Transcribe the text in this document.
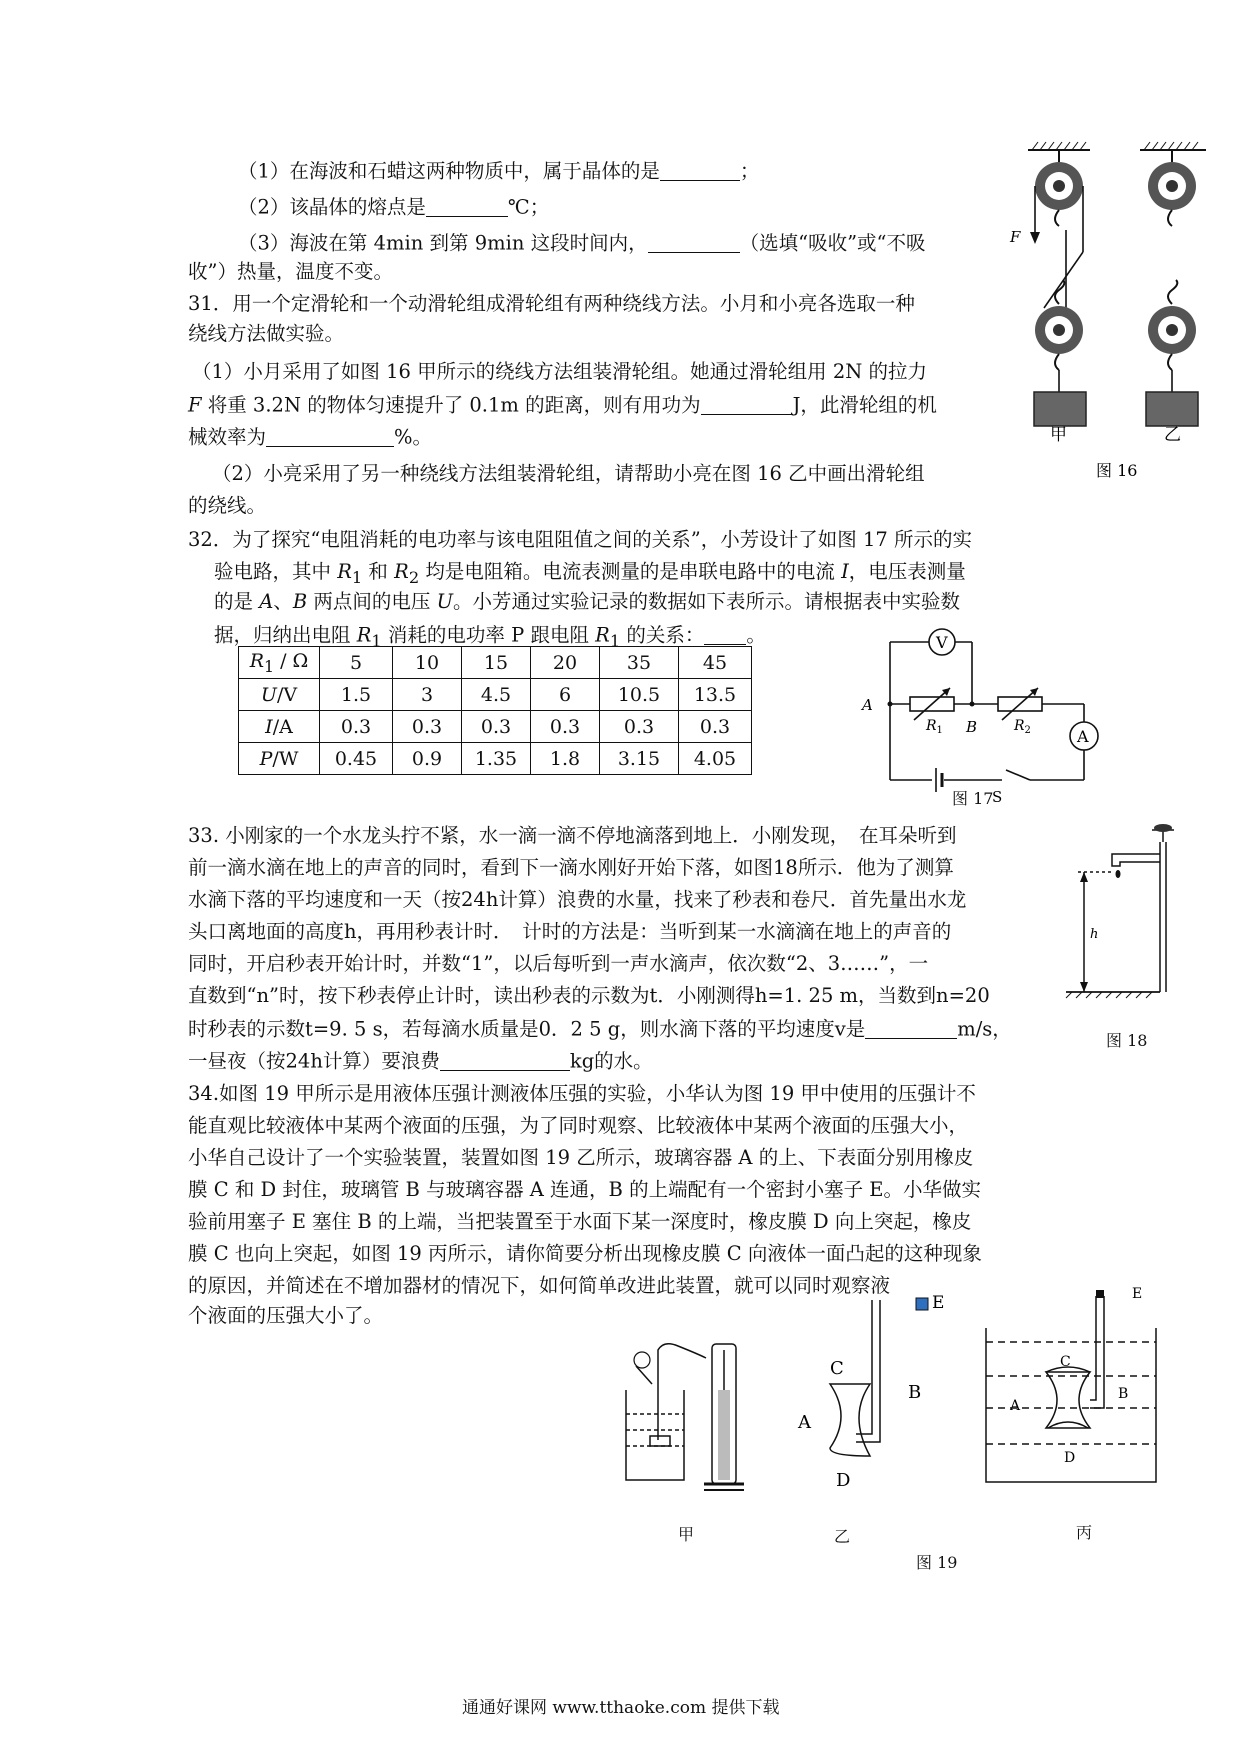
（1）在海波和石蜡这两种物质中，属于晶体的是	；
（2）该晶体的熔点是	℃；
（3）海波在第 4min 到第 9min 这段时间内，	（选填“吸收”或“不吸
收”）热量，温度不变。
31．用一个定滑轮和一个动滑轮组成滑轮组有两种绕线方法。小月和小亮各选取一种
绕线方法做实验。
（1）小月采用了如图 16 甲所示的绕线方法组装滑轮组。她通过滑轮组用 2N 的拉力
F 将重 3.2N 的物体匀速提升了 0.1m 的距离，则有用功为	J，此滑轮组的机
械效率为	%。
（2）小亮采用了另一种绕线方法组装滑轮组，请帮助小亮在图 16 乙中画出滑轮组
的绕线。
F
甲	乙
图 16
32．为了探究“电阻消耗的电功率与该电阻阻值之间的关系”，小芳设计了如图 17 所示的实
验电路，其中 $R_1$ 和 $R_2$ 均是电阻箱。电流表测量的是串联电路中的电流 I，电压表测量
的是 A、B 两点间的电压 U。小芳通过实验记录的数据如下表所示。请根据表中实验数
据，归纳出电阻 $R_1$ 消耗的电功率 P 跟电阻 $R_1$ 的关系： 。
$R_1$ / Ω	5	10	15	20	35	45
U/V	1.5	3	4.5	6	10.5	13.5
I/A	0.3	0.3	0.3	0.3	0.3	0.3
P/W	0.45	0.9	1.35	1.8	3.15	4.05
V
A
A
B
$R_1$	$R_2$
S
图 17
33. 小刚家的一个水龙头拧不紧，水一滴一滴不停地滴落到地上．小刚发现，　在耳朵听到
前一滴水滴在地上的声音的同时，看到下一滴水刚好开始下落，如图18所示．他为了测算
水滴下落的平均速度和一天（按24h计算）浪费的水量，找来了秒表和卷尺．首先量出水龙
头口离地面的高度h，再用秒表计时．　计时的方法是：当听到某一水滴滴在地上的声音的
同时，开启秒表开始计时，并数“1”，以后每听到一声水滴声，依次数“2、3……”，一
直数到“n”时，按下秒表停止计时，读出秒表的示数为t．小刚测得h=1. 25 m，当数到n=20
时秒表的示数t=9. 5 s，若每滴水质量是0．2 5 g，则水滴下落的平均速度v是	m/s，
一昼夜（按24h计算）要浪费	kg的水。
h
图 18
34.如图 19 甲所示是用液体压强计测液体压强的实验，小华认为图 19 甲中使用的压强计不
能直观比较液体中某两个液面的压强，为了同时观察、比较液体中某两个液面的压强大小，
小华自己设计了一个实验装置，装置如图 19 乙所示，玻璃容器 A 的上、下表面分别用橡皮
膜 C 和 D 封住，玻璃管 B 与玻璃容器 A 连通，B 的上端配有一个密封小塞子 E。小华做实
验前用塞子 E 塞住 B 的上端，当把装置至于水面下某一深度时，橡皮膜 D 向上突起，橡皮
膜 C 也向上突起，如图 19 丙所示，请你简要分析出现橡皮膜 C 向液体一面凸起的这种现象
的原因，并简述在不增加器材的情况下，如何简单改进此装置，就可以同时观察液
个液面的压强大小了。
甲
E
C
B
A
D
乙
E
C
B
A
D
丙
图 19
通通好课网 www.tthaoke.com 提供下载
